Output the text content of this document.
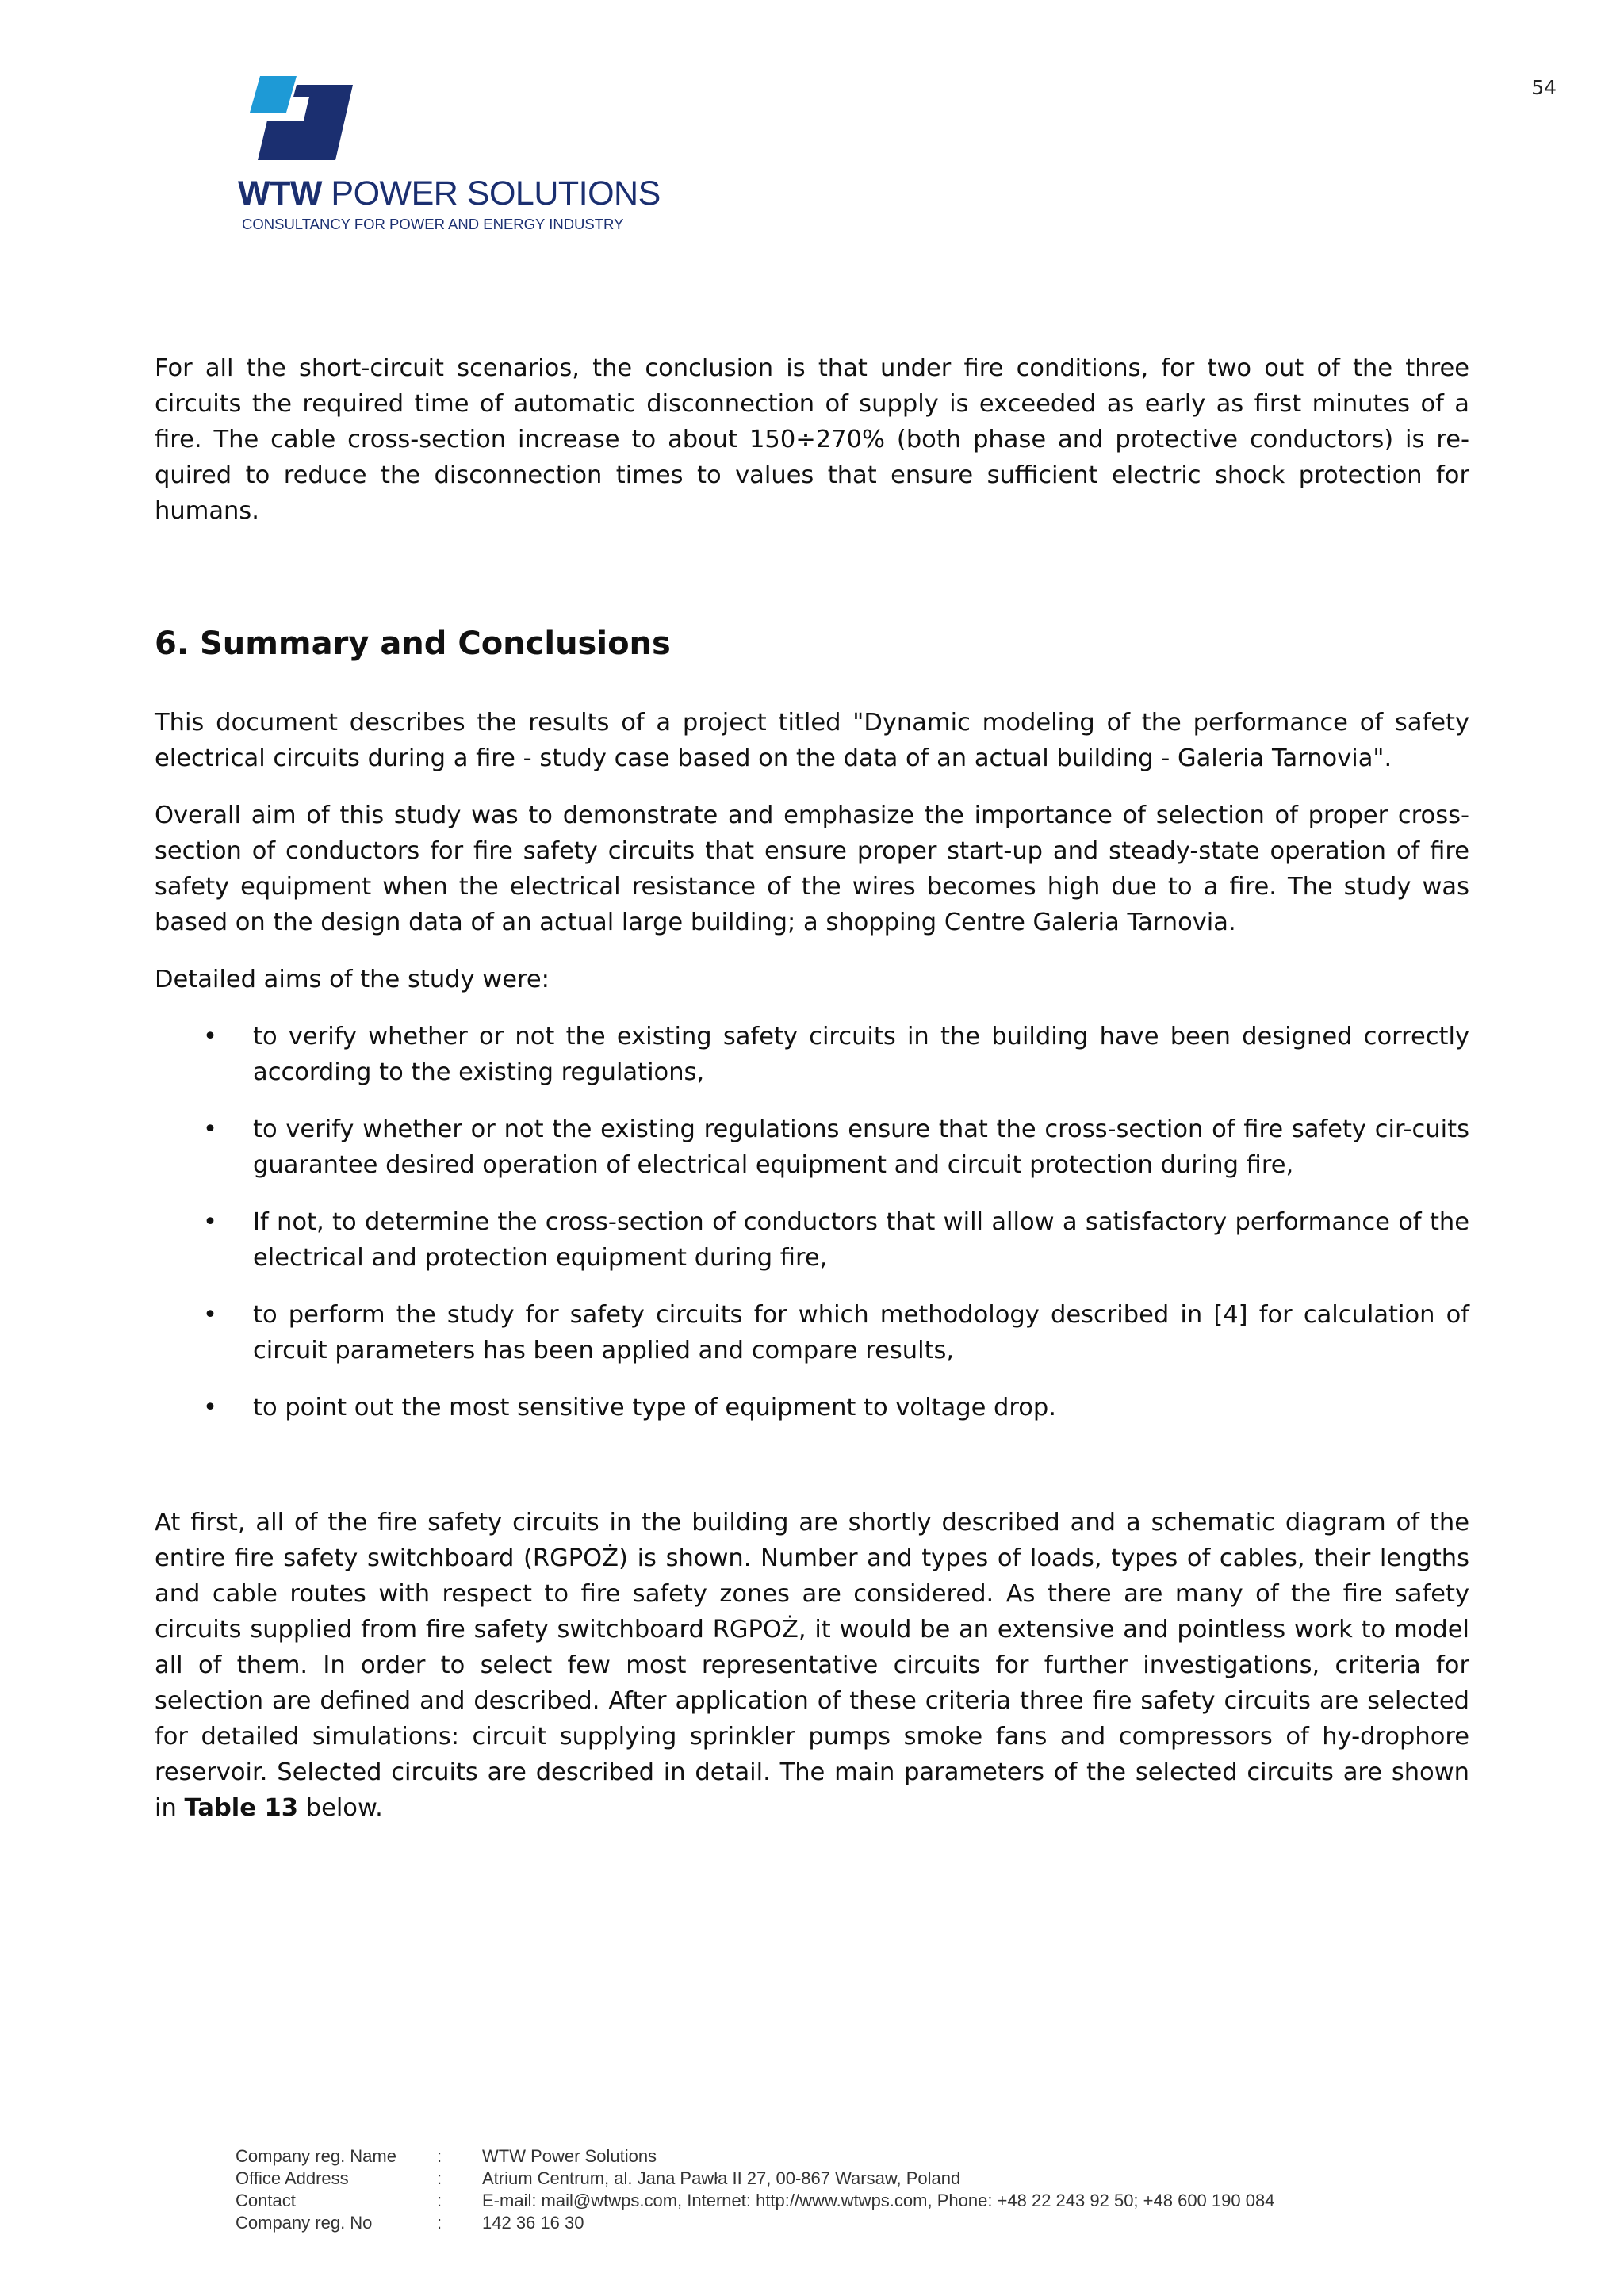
54
WTW POWER SOLUTIONS
CONSULTANCY FOR POWER AND ENERGY INDUSTRY

For all the short-circuit scenarios, the conclusion is that under fire conditions, for two out of the three circuits the required time of automatic disconnection of supply is exceeded as early as first minutes of a fire. The cable cross-section increase to about 150÷270% (both phase and protective conductors) is re-quired to reduce the disconnection times to values that ensure sufficient electric shock protection for humans.

6. Summary and Conclusions

This document describes the results of a project titled "Dynamic modeling of the performance of safety electrical circuits during a fire - study case based on the data of an actual building - Galeria Tarnovia".

Overall aim of this study was to demonstrate and emphasize the importance of selection of proper cross-section of conductors for fire safety circuits that ensure proper start-up and steady-state operation of fire safety equipment when the electrical resistance of the wires becomes high due to a fire. The study was based on the design data of an actual large building; a shopping Centre Galeria Tarnovia.

Detailed aims of the study were:

• to verify whether or not the existing safety circuits in the building have been designed correctly according to the existing regulations,
• to verify whether or not the existing regulations ensure that the cross-section of fire safety cir-cuits guarantee desired operation of electrical equipment and circuit protection during fire,
• If not, to determine the cross-section of conductors that will allow a satisfactory performance of the electrical and protection equipment during fire,
• to perform the study for safety circuits for which methodology described in [4] for calculation of circuit parameters has been applied and compare results,
• to point out the most sensitive type of equipment to voltage drop.

At first, all of the fire safety circuits in the building are shortly described and a schematic diagram of the entire fire safety switchboard (RGPOŻ) is shown. Number and types of loads, types of cables, their lengths and cable routes with respect to fire safety zones are considered. As there are many of the fire safety circuits supplied from fire safety switchboard RGPOŻ, it would be an extensive and pointless work to model all of them. In order to select few most representative circuits for further investigations, criteria for selection are defined and described. After application of these criteria three fire safety circuits are selected for detailed simulations: circuit supplying sprinkler pumps smoke fans and compressors of hy-drophore reservoir. Selected circuits are described in detail. The main parameters of the selected circuits are shown in Table 13 below.

Company reg. Name : WTW Power Solutions
Office Address	: Atrium Centrum, al. Jana Pawła II 27, 00-867 Warsaw, Poland
Contact	: E-mail: mail@wtwps.com, Internet: http://www.wtwps.com, Phone: +48 22 243 92 50; +48 600 190 084
Company reg. No	: 142 36 16 30
